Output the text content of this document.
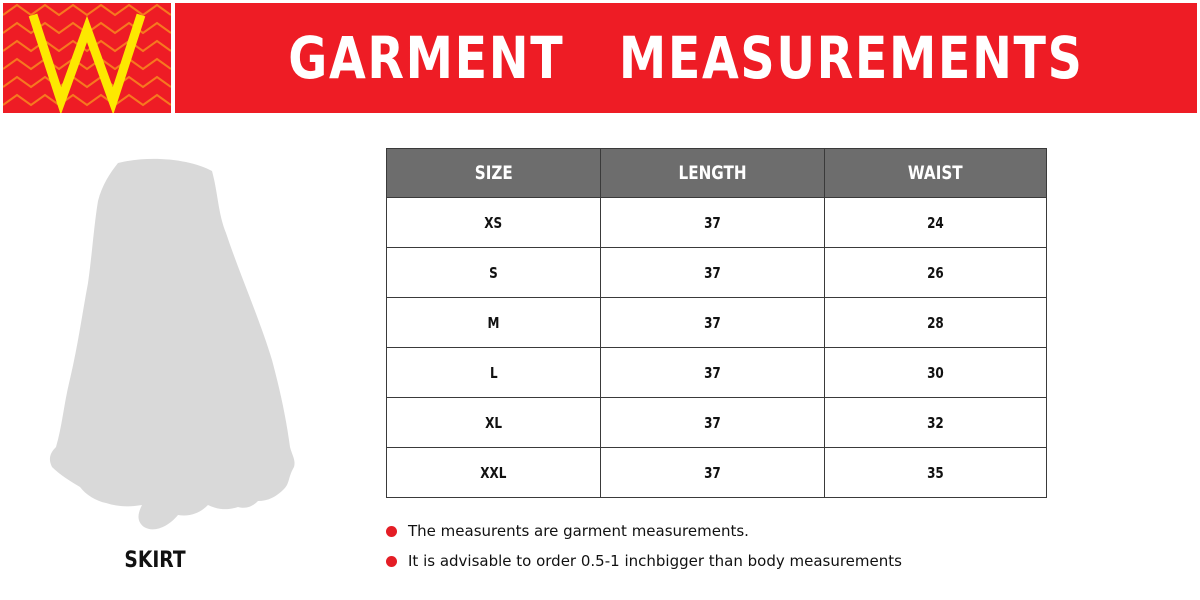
GARMENT   MEASUREMENTS
SKIRT
SIZE	LENGTH	WAIST
XS	37	24
S	37	26
M	37	28
L	37	30
XL	37	32
XXL	37	35
The measurents are garment measurements.
It is advisable to order 0.5-1 inchbigger than body measurements
